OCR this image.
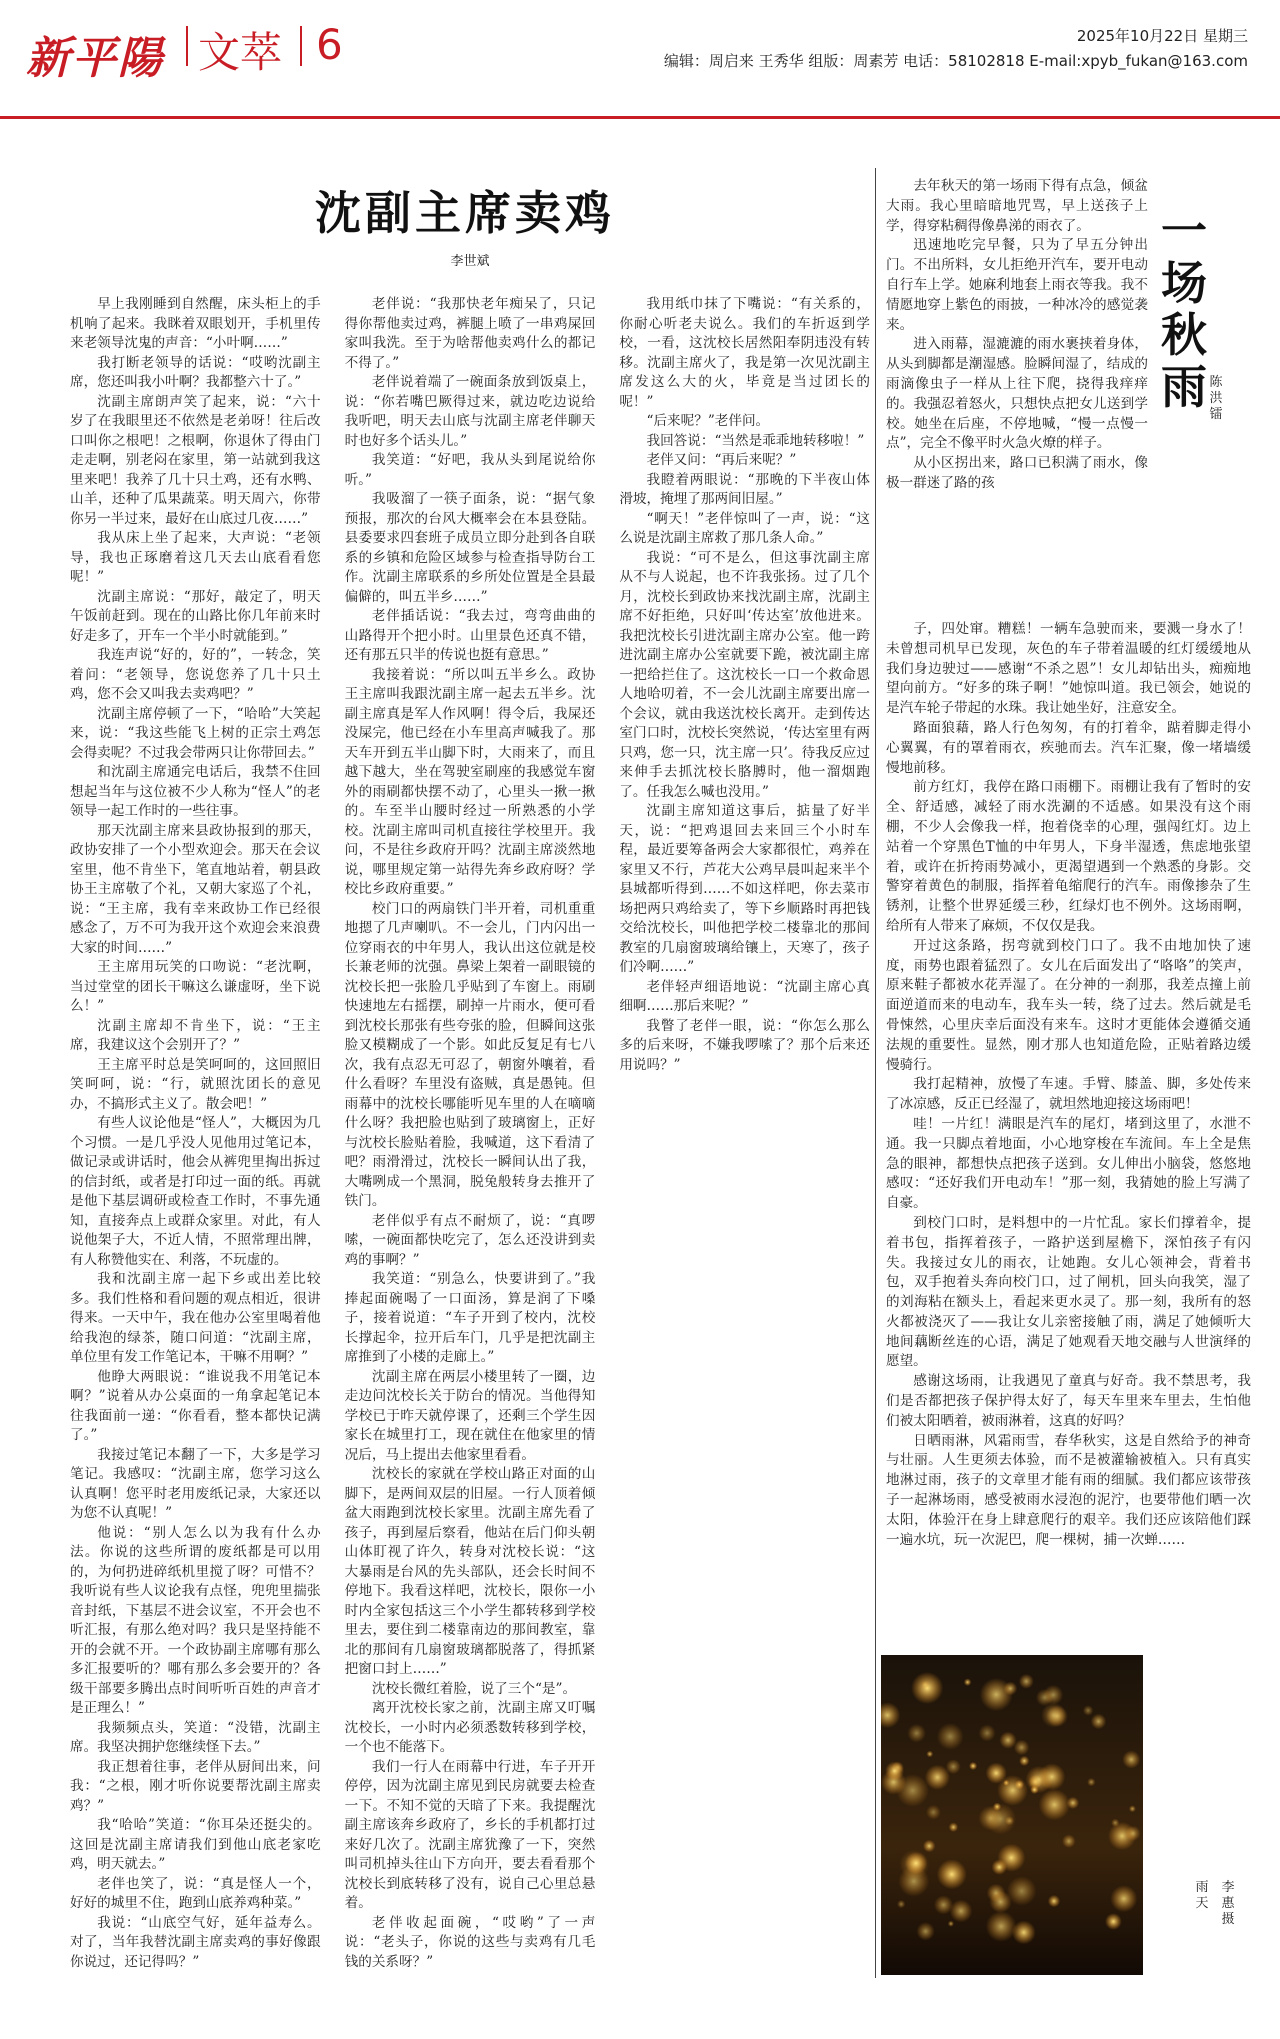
新平陽 文萃 6	2025年10月22日 星期三
编辑：周启来 王秀华 组版：周素芳 电话：58102818 E-mail:xpyb_fukan@163.com
沈副主席卖鸡
李世斌

早上我刚睡到自然醒，床头柜上的手机响了起来。我眯着双眼划开，手机里传来老领导沈鬼的声音：“小叶啊……”

我打断老领导的话说：“哎哟沈副主席，您还叫我小叶啊？我都整六十了。”

沈副主席朗声笑了起来，说：“六十岁了在我眼里还不依然是老弟呀！往后改口叫你之根吧！之根啊，你退休了得由门走走啊，别老闷在家里，第一站就到我这里来吧！我养了几十只土鸡，还有水鸭、山羊，还种了瓜果蔬菜。明天周六，你带你另一半过来，最好在山底过几夜……”

我从床上坐了起来，大声说：“老领导，我也正琢磨着这几天去山底看看您呢！”

沈副主席说：“那好，敲定了，明天午饭前赶到。现在的山路比你几年前来时好走多了，开车一个半小时就能到。”

我连声说“好的，好的”，一转念，笑着问：“老领导，您说您养了几十只土鸡，您不会又叫我去卖鸡吧？”

沈副主席停顿了一下，“哈哈”大笑起来，说：“我这些能飞上树的正宗土鸡怎会得卖呢？不过我会带两只让你带回去。”

和沈副主席通完电话后，我禁不住回想起当年与这位被不少人称为“怪人”的老领导一起工作时的一些往事。

那天沈副主席来县政协报到的那天，政协安排了一个小型欢迎会。那天在会议室里，他不肯坐下，笔直地站着，朝县政协王主席敬了个礼，又朝大家巡了个礼，说：“王主席，我有幸来政协工作已经很感念了，万不可为我开这个欢迎会来浪费大家的时间……”

王主席用玩笑的口吻说：“老沈啊，当过堂堂的团长干嘛这么谦虚呀，坐下说么！”

沈副主席却不肯坐下，说：“王主席，我建议这个会别开了？”

王主席平时总是笑呵呵的，这回照旧笑呵呵，说：“行，就照沈团长的意见办，不搞形式主义了。散会吧！”

有些人议论他是“怪人”，大概因为几个习惯。一是几乎没人见他用过笔记本，做记录或讲话时，他会从裤兜里掏出拆过的信封纸，或者是打印过一面的纸。再就是他下基层调研或检查工作时，不事先通知，直接奔点上或群众家里。对此，有人说他架子大，不近人情，不照常理出牌，有人称赞他实在、利落，不玩虚的。

我和沈副主席一起下乡或出差比较多。我们性格和看问题的观点相近，很讲得来。一天中午，我在他办公室里喝着他给我泡的绿茶，随口问道：“沈副主席，单位里有发工作笔记本，干嘛不用啊？”

他睁大两眼说：“谁说我不用笔记本啊？”说着从办公桌面的一角拿起笔记本往我面前一递：“你看看，整本都快记满了。”

我接过笔记本翻了一下，大多是学习笔记。我感叹：“沈副主席，您学习这么认真啊！您平时老用废纸记录，大家还以为您不认真呢！”

他说：“别人怎么以为我有什么办法。你说的这些所谓的废纸都是可以用的，为何扔进碎纸机里搅了呀？可惜不？我听说有些人议论我有点怪，兜兜里揣张音封纸，下基层不进会议室，不开会也不听汇报，有那么绝对吗？我只是坚持能不开的会就不开。一个政协副主席哪有那么多汇报要听的？哪有那么多会要开的？各级干部要多腾出点时间听听百姓的声音才是正理么！”

我频频点头，笑道：“没错，沈副主席。我坚决拥护您继续怪下去。”

我正想着往事，老伴从厨间出来，问我：“之根，刚才听你说要帮沈副主席卖鸡？”

我“哈哈”笑道：“你耳朵还挺尖的。这回是沈副主席请我们到他山底老家吃鸡，明天就去。”

老伴也笑了，说：“真是怪人一个，好好的城里不住，跑到山底养鸡种菜。”

我说：“山底空气好，延年益寿么。对了，当年我替沈副主席卖鸡的事好像跟你说过，还记得吗？”

老伴说：“我那快老年痴呆了，只记得你帮他卖过鸡，裤腿上喷了一串鸡屎回家叫我洗。至于为啥帮他卖鸡什么的都记不得了。”

老伴说着端了一碗面条放到饭桌上，说：“你若嘴巴厥得过来，就边吃边说给我听吧，明天去山底与沈副主席老伴聊天时也好多个话头儿。”

我笑道：“好吧，我从头到尾说给你听。”

我吸溜了一筷子面条，说：“据气象预报，那次的台风大概率会在本县登陆。县委要求四套班子成员立即分赴到各自联系的乡镇和危险区域参与检查指导防台工作。沈副主席联系的乡所处位置是全县最偏僻的，叫五半乡……”

老伴插话说：“我去过，弯弯曲曲的山路得开个把小时。山里景色还真不错，还有那五只半的传说也挺有意思。”

我接着说：“所以叫五半乡么。政协王主席叫我跟沈副主席一起去五半乡。沈副主席真是军人作风啊！得令后，我屎还没屎完，他已经在小车里高声喊我了。那天车开到五半山脚下时，大雨来了，而且越下越大，坐在驾驶室刷座的我感觉车窗外的雨刷都快摆不动了，心里头一揪一揪的。车至半山腰时经过一所熟悉的小学校。沈副主席叫司机直接往学校里开。我问，不是往乡政府开吗？沈副主席淡然地说，哪里规定第一站得先奔乡政府呀？学校比乡政府重要。”

校门口的两扇铁门半开着，司机重重地摁了几声喇叭。不一会儿，门内闪出一位穿雨衣的中年男人，我认出这位就是校长兼老师的沈强。鼻梁上架着一副眼镜的沈校长把一张脸几乎贴到了车窗上。雨刷快速地左右摇摆，刷掉一片雨水，便可看到沈校长那张有些夸张的脸，但瞬间这张脸又模糊成了一个影。如此反复足有七八次，我有点忍无可忍了，朝窗外嚷着，看什么看呀？车里没有盗贼，真是愚钝。但雨幕中的沈校长哪能听见车里的人在嘀嘀什么呀？我把脸也贴到了玻璃窗上，正好与沈校长脸贴着脸，我喊道，这下看清了吧？雨滑滑过，沈校长一瞬间认出了我，大嘴咧成一个黑洞，脱兔般转身去推开了铁门。

老伴似乎有点不耐烦了，说：“真啰嗦，一碗面都快吃完了，怎么还没讲到卖鸡的事啊？”

我笑道：“别急么，快要讲到了。”我捧起面碗喝了一口面汤，算是润了下嗓子，接着说道：“车子开到了校内，沈校长撑起伞，拉开后车门，几乎是把沈副主席推到了小楼的走廊上。”

沈副主席在两层小楼里转了一圈，边走边问沈校长关于防台的情况。当他得知学校已于昨天就停课了，还剩三个学生因家长在城里打工，现在就住在他家里的情况后，马上提出去他家里看看。

沈校长的家就在学校山路正对面的山脚下，是两间双层的旧屋。一行人顶着倾盆大雨跑到沈校长家里。沈副主席先看了孩子，再到屋后察看，他站在后门仰头朝山体盯视了许久，转身对沈校长说：“这大暴雨是台风的先头部队，还会长时间不停地下。我看这样吧，沈校长，限你一小时内全家包括这三个小学生都转移到学校里去，要住到二楼靠南边的那间教室，靠北的那间有几扇窗玻璃都脱落了，得抓紧把窗口封上……”

沈校长微红着脸，说了三个“是”。

离开沈校长家之前，沈副主席又叮嘱沈校长，一小时内必须悉数转移到学校，一个也不能落下。

我们一行人在雨幕中行进，车子开开停停，因为沈副主席见到民房就要去检查一下。不知不觉的天暗了下来。我提醒沈副主席该奔乡政府了，乡长的手机都打过来好几次了。沈副主席犹豫了一下，突然叫司机掉头往山下方向开，要去看看那个沈校长到底转移了没有，说自己心里总悬着。

老伴收起面碗，“哎哟”了一声说：“老头子，你说的这些与卖鸡有几毛钱的关系呀？”

我用纸巾抹了下嘴说：“有关系的，你耐心听老夫说么。我们的车折返到学校，一看，这沈校长居然阳奉阴违没有转移。沈副主席火了，我是第一次见沈副主席发这么大的火，毕竟是当过团长的呢！”

“后来呢？”老伴问。

我回答说：“当然是乖乖地转移啦！”

老伴又问：“再后来呢？”

我瞪着两眼说：“那晚的下半夜山体滑坡，掩埋了那两间旧屋。”

“啊天！”老伴惊叫了一声，说：“这么说是沈副主席救了那几条人命。”

我说：“可不是么，但这事沈副主席从不与人说起，也不许我张扬。过了几个月，沈校长到政协来找沈副主席，沈副主席不好拒绝，只好叫‘传达室’放他进来。我把沈校长引进沈副主席办公室。他一跨进沈副主席办公室就要下跪，被沈副主席一把给拦住了。这沈校长一口一个救命恩人地哈叨着，不一会儿沈副主席要出席一个会议，就由我送沈校长离开。走到传达室门口时，沈校长突然说，‘传达室里有两只鸡，您一只，沈主席一只’。待我反应过来伸手去抓沈校长胳膊时，他一溜烟跑了。任我怎么喊也没用。”

沈副主席知道这事后，掂量了好半天，说：“把鸡退回去来回三个小时车程，最近要筹备两会大家都很忙，鸡养在家里又不行，芦花大公鸡早晨叫起来半个县城都听得到……不如这样吧，你去菜市场把两只鸡给卖了，等下乡顺路时再把钱交给沈校长，叫他把学校二楼靠北的那间教室的几扇窗玻璃给镶上，天寒了，孩子们冷啊……”

老伴轻声细语地说：“沈副主席心真细啊……那后来呢？”

我瞥了老伴一眼，说：“你怎么那么多的后来呀，不嫌我啰嗦了？那个后来还用说吗？”

去年秋天的第一场雨下得有点急，倾盆大雨。我心里暗暗地咒骂，早上送孩子上学，得穿粘稠得像鼻涕的雨衣了。

迅速地吃完早餐，只为了早五分钟出门。不出所料，女儿拒绝开汽车，要开电动自行车上学。她麻利地套上雨衣等我。我不情愿地穿上紫色的雨披，一种冰冷的感觉袭来。

进入雨幕，湿漉漉的雨水裹挟着身体，从头到脚都是潮湿感。脸瞬间湿了，结成的雨滴像虫子一样从上往下爬，挠得我痒痒的。我强忍着怒火，只想快点把女儿送到学校。她坐在后座，不停地喊，“慢一点慢一点”，完全不像平时火急火燎的样子。

从小区拐出来，路口已积满了雨水，像极一群迷了路的孩

一场秋雨 陈洪镭

子，四处窜。糟糕！一辆车急驶而来，要溅一身水了！未曾想司机早已发现，灰色的车子带着温暖的红灯缓缓地从我们身边驶过——感谢“不杀之恩”！女儿却钻出头，痴痴地望向前方。“好多的珠子啊！”她惊叫道。我已领会，她说的是汽车轮子带起的水珠。我让她坐好，注意安全。

路面狼藉，路人行色匆匆，有的打着伞，踮着脚走得小心翼翼，有的罩着雨衣，疾驰而去。汽车汇聚，像一堵墙缓慢地前移。

前方红灯，我停在路口雨棚下。雨棚让我有了暂时的安全、舒适感，减轻了雨水洗涮的不适感。如果没有这个雨棚，不少人会像我一样，抱着侥幸的心理，强闯红灯。边上站着一个穿黑色T恤的中年男人，下身半湿透，焦虑地张望着，或许在折挎雨势减小，更渴望遇到一个熟悉的身影。交警穿着黄色的制服，指挥着龟缩爬行的汽车。雨像掺杂了生锈剂，让整个世界延缓三秒，红绿灯也不例外。这场雨啊，给所有人带来了麻烦，不仅仅是我。

开过这条路，拐弯就到校门口了。我不由地加快了速度，雨势也跟着猛烈了。女儿在后面发出了“咯咯”的笑声，原来鞋子都被水花弄湿了。在分神的一刹那，我差点撞上前面逆道而来的电动车，我车头一转，绕了过去。然后就是毛骨悚然，心里庆幸后面没有来车。这时才更能体会遵循交通法规的重要性。显然，刚才那人也知道危险，正贴着路边缓慢骑行。

我打起精神，放慢了车速。手臂、膝盖、脚，多处传来了冰凉感，反正已经湿了，就坦然地迎接这场雨吧！

哇！一片红！满眼是汽车的尾灯，堵到这里了，水泄不通。我一只脚点着地面，小心地穿梭在车流间。车上全是焦急的眼神，都想快点把孩子送到。女儿伸出小脑袋，悠悠地感叹：“还好我们开电动车！”那一刻，我猜她的脸上写满了自豪。

到校门口时，是料想中的一片忙乱。家长们撑着伞，提着书包，指挥着孩子，一路护送到屋檐下，深怕孩子有闪失。我接过女儿的雨衣，让她跑。女儿心领神会，背着书包，双手抱着头奔向校门口，过了闸机，回头向我笑，湿了的刘海粘在额头上，看起来更水灵了。那一刻，我所有的怒火都被浇灭了——我让女儿亲密接触了雨，满足了她倾听大地间藕断丝连的心语，满足了她观看天地交融与人世演绎的愿望。

感谢这场雨，让我遇见了童真与好奇。我不禁思考，我们是否都把孩子保护得太好了，每天车里来车里去，生怕他们被太阳晒着，被雨淋着，这真的好吗？

日晒雨淋，风霜雨雪，春华秋实，这是自然给予的神奇与壮丽。人生更须去体验，而不是被灌输被植入。只有真实地淋过雨，孩子的文章里才能有雨的细腻。我们都应该带孩子一起淋场雨，感受被雨水浸泡的泥泞，也要带他们晒一次太阳，体验汗在身上肆意爬行的艰辛。我们还应该陪他们踩一遍水坑，玩一次泥巴，爬一棵树，捕一次蝉……

雨天
李惠 摄
